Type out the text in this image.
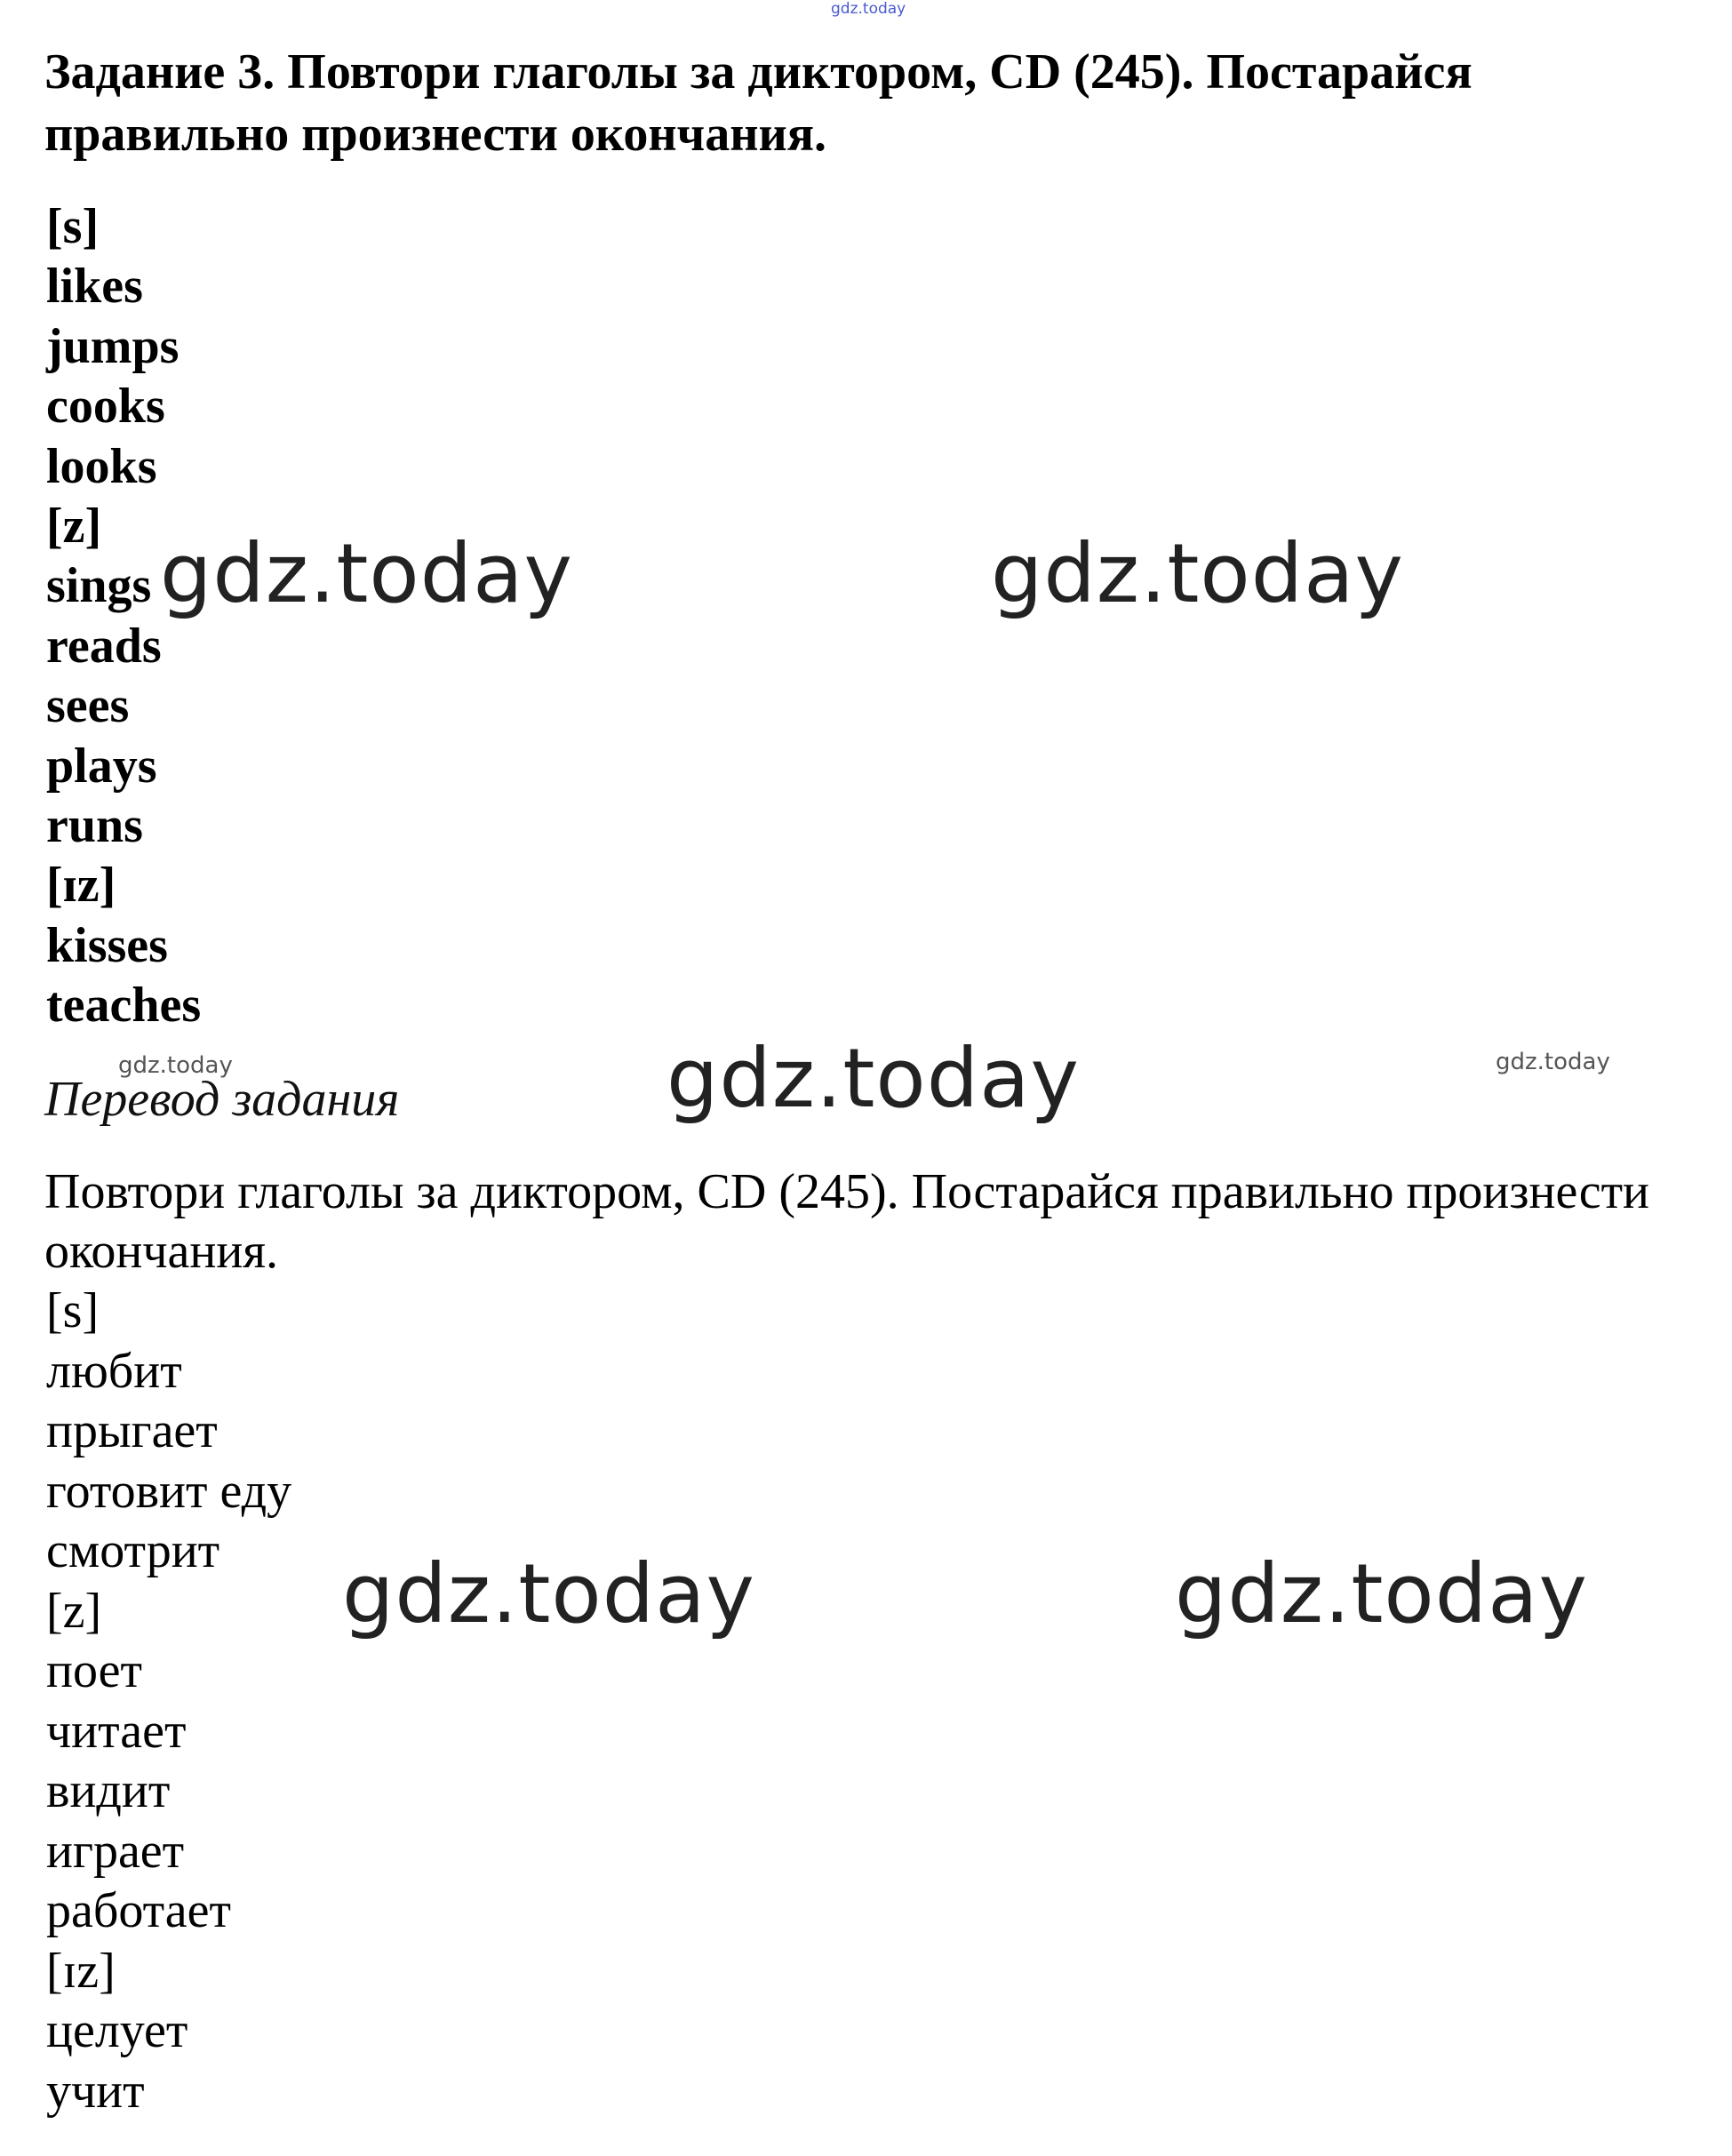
gdz.today
gdz.today	gdz.today
gdz.today	gdz.today	gdz.today
gdz.today	gdz.today

Задание 3. Повтори глаголы за диктором, CD (245). Постарайся правильно произнести окончания.

[s]
likes
jumps
cooks
looks
[z]
sings
reads
sees
plays
runs
[ɪz]
kisses
teaches

Перевод задания

Повтори глаголы за диктором, CD (245). Постарайся правильно произнести окончания.

[s]
любит
прыгает
готовит еду
смотрит
[z]
поет
читает
видит
играет
работает
[ɪz]
целует
учит
